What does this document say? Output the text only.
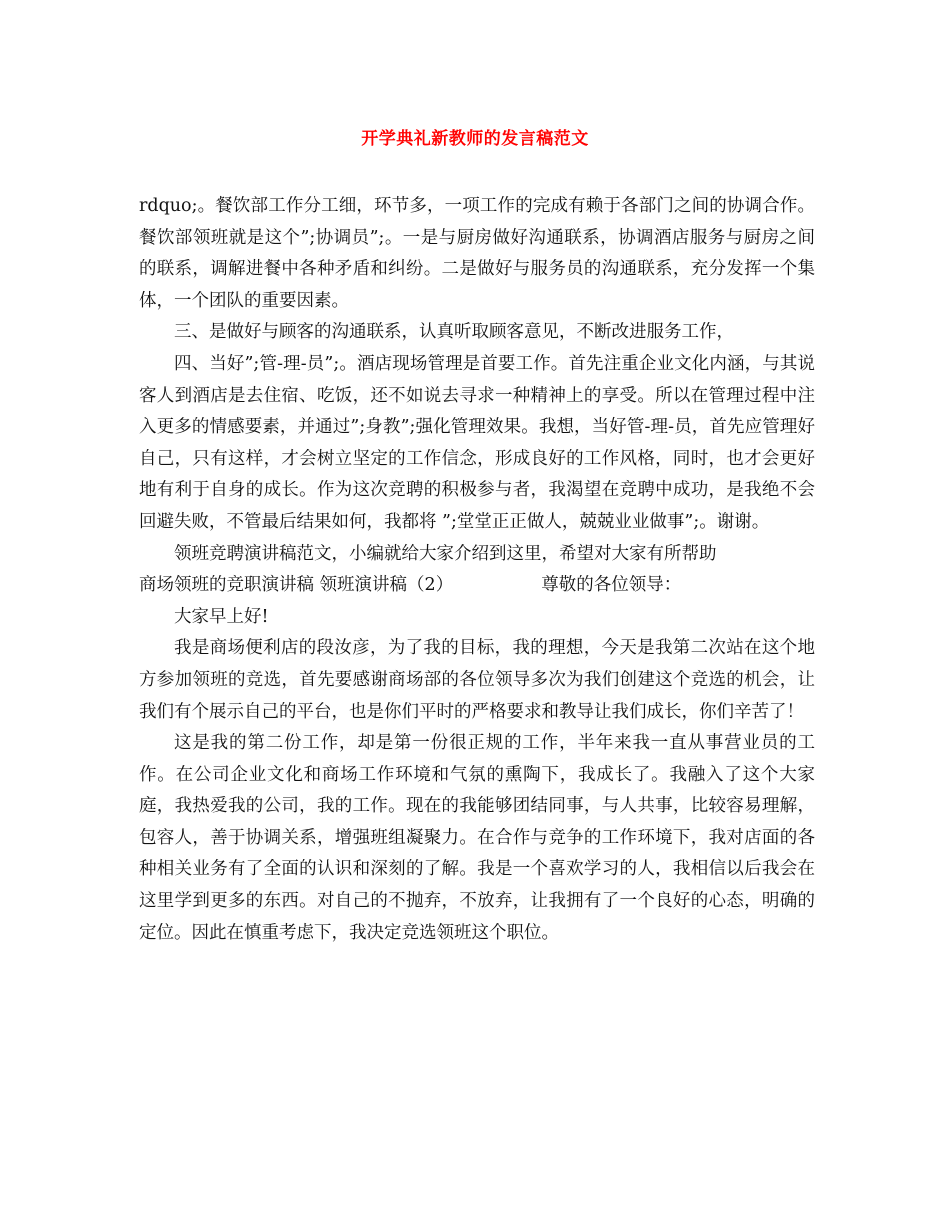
开学典礼新教师的发言稿范文

rdquo;。餐饮部工作分工细，环节多，一项工作的完成有赖于各部门之间的协调合作。 餐饮部领班就是这个”;协调员”;。一是与厨房做好沟通联系，协调酒店服务与厨房之间的联系，调解进餐中各种矛盾和纠纷。二是做好与服务员的沟通联系，充分发挥一个集体，一个团队的重要因素。

三、是做好与顾客的沟通联系，认真听取顾客意见，不断改进服务工作，

四、当好”;管-理-员”;。酒店现场管理是首要工作。首先注重企业文化内涵，与其说客人到酒店是去住宿、吃饭，还不如说去寻求一种精神上的享受。所以在管理过程中注入更多的情感要素，并通过”;身教”;强化管理效果。我想，当好管-理-员，首先应管理好自己，只有这样，才会树立坚定的工作信念，形成良好的工作风格，同时，也才会更好地有利于自身的成长。作为这次竞聘的积极参与者，我渴望在竞聘中成功，是我绝不会回避失败，不管最后结果如何，我都将 ”;堂堂正正做人，兢兢业业做事”;。谢谢。

领班竞聘演讲稿范文，小编就给大家介绍到这里，希望对大家有所帮助

商场领班的竞职演讲稿 领班演讲稿（2）	尊敬的各位领导：

大家早上好!

我是商场便利店的段汝彦，为了我的目标，我的理想，今天是我第二次站在这个地方参加领班的竞选，首先要感谢商场部的各位领导多次为我们创建这个竞选的机会，让我们有个展示自己的平台，也是你们平时的严格要求和教导让我们成长，你们辛苦了！

这是我的第二份工作，却是第一份很正规的工作，半年来我一直从事营业员的工作。在公司企业文化和商场工作环境和气氛的熏陶下，我成长了。我融入了这个大家庭，我热爱我的公司，我的工作。现在的我能够团结同事，与人共事，比较容易理解，包容人，善于协调关系，增强班组凝聚力。在合作与竞争的工作环境下，我对店面的各种相关业务有了全面的认识和深刻的了解。我是一个喜欢学习的人，我相信以后我会在这里学到更多的东西。对自己的不抛弃，不放弃，让我拥有了一个良好的心态，明确的定位。因此在慎重考虑下，我决定竞选领班这个职位。
